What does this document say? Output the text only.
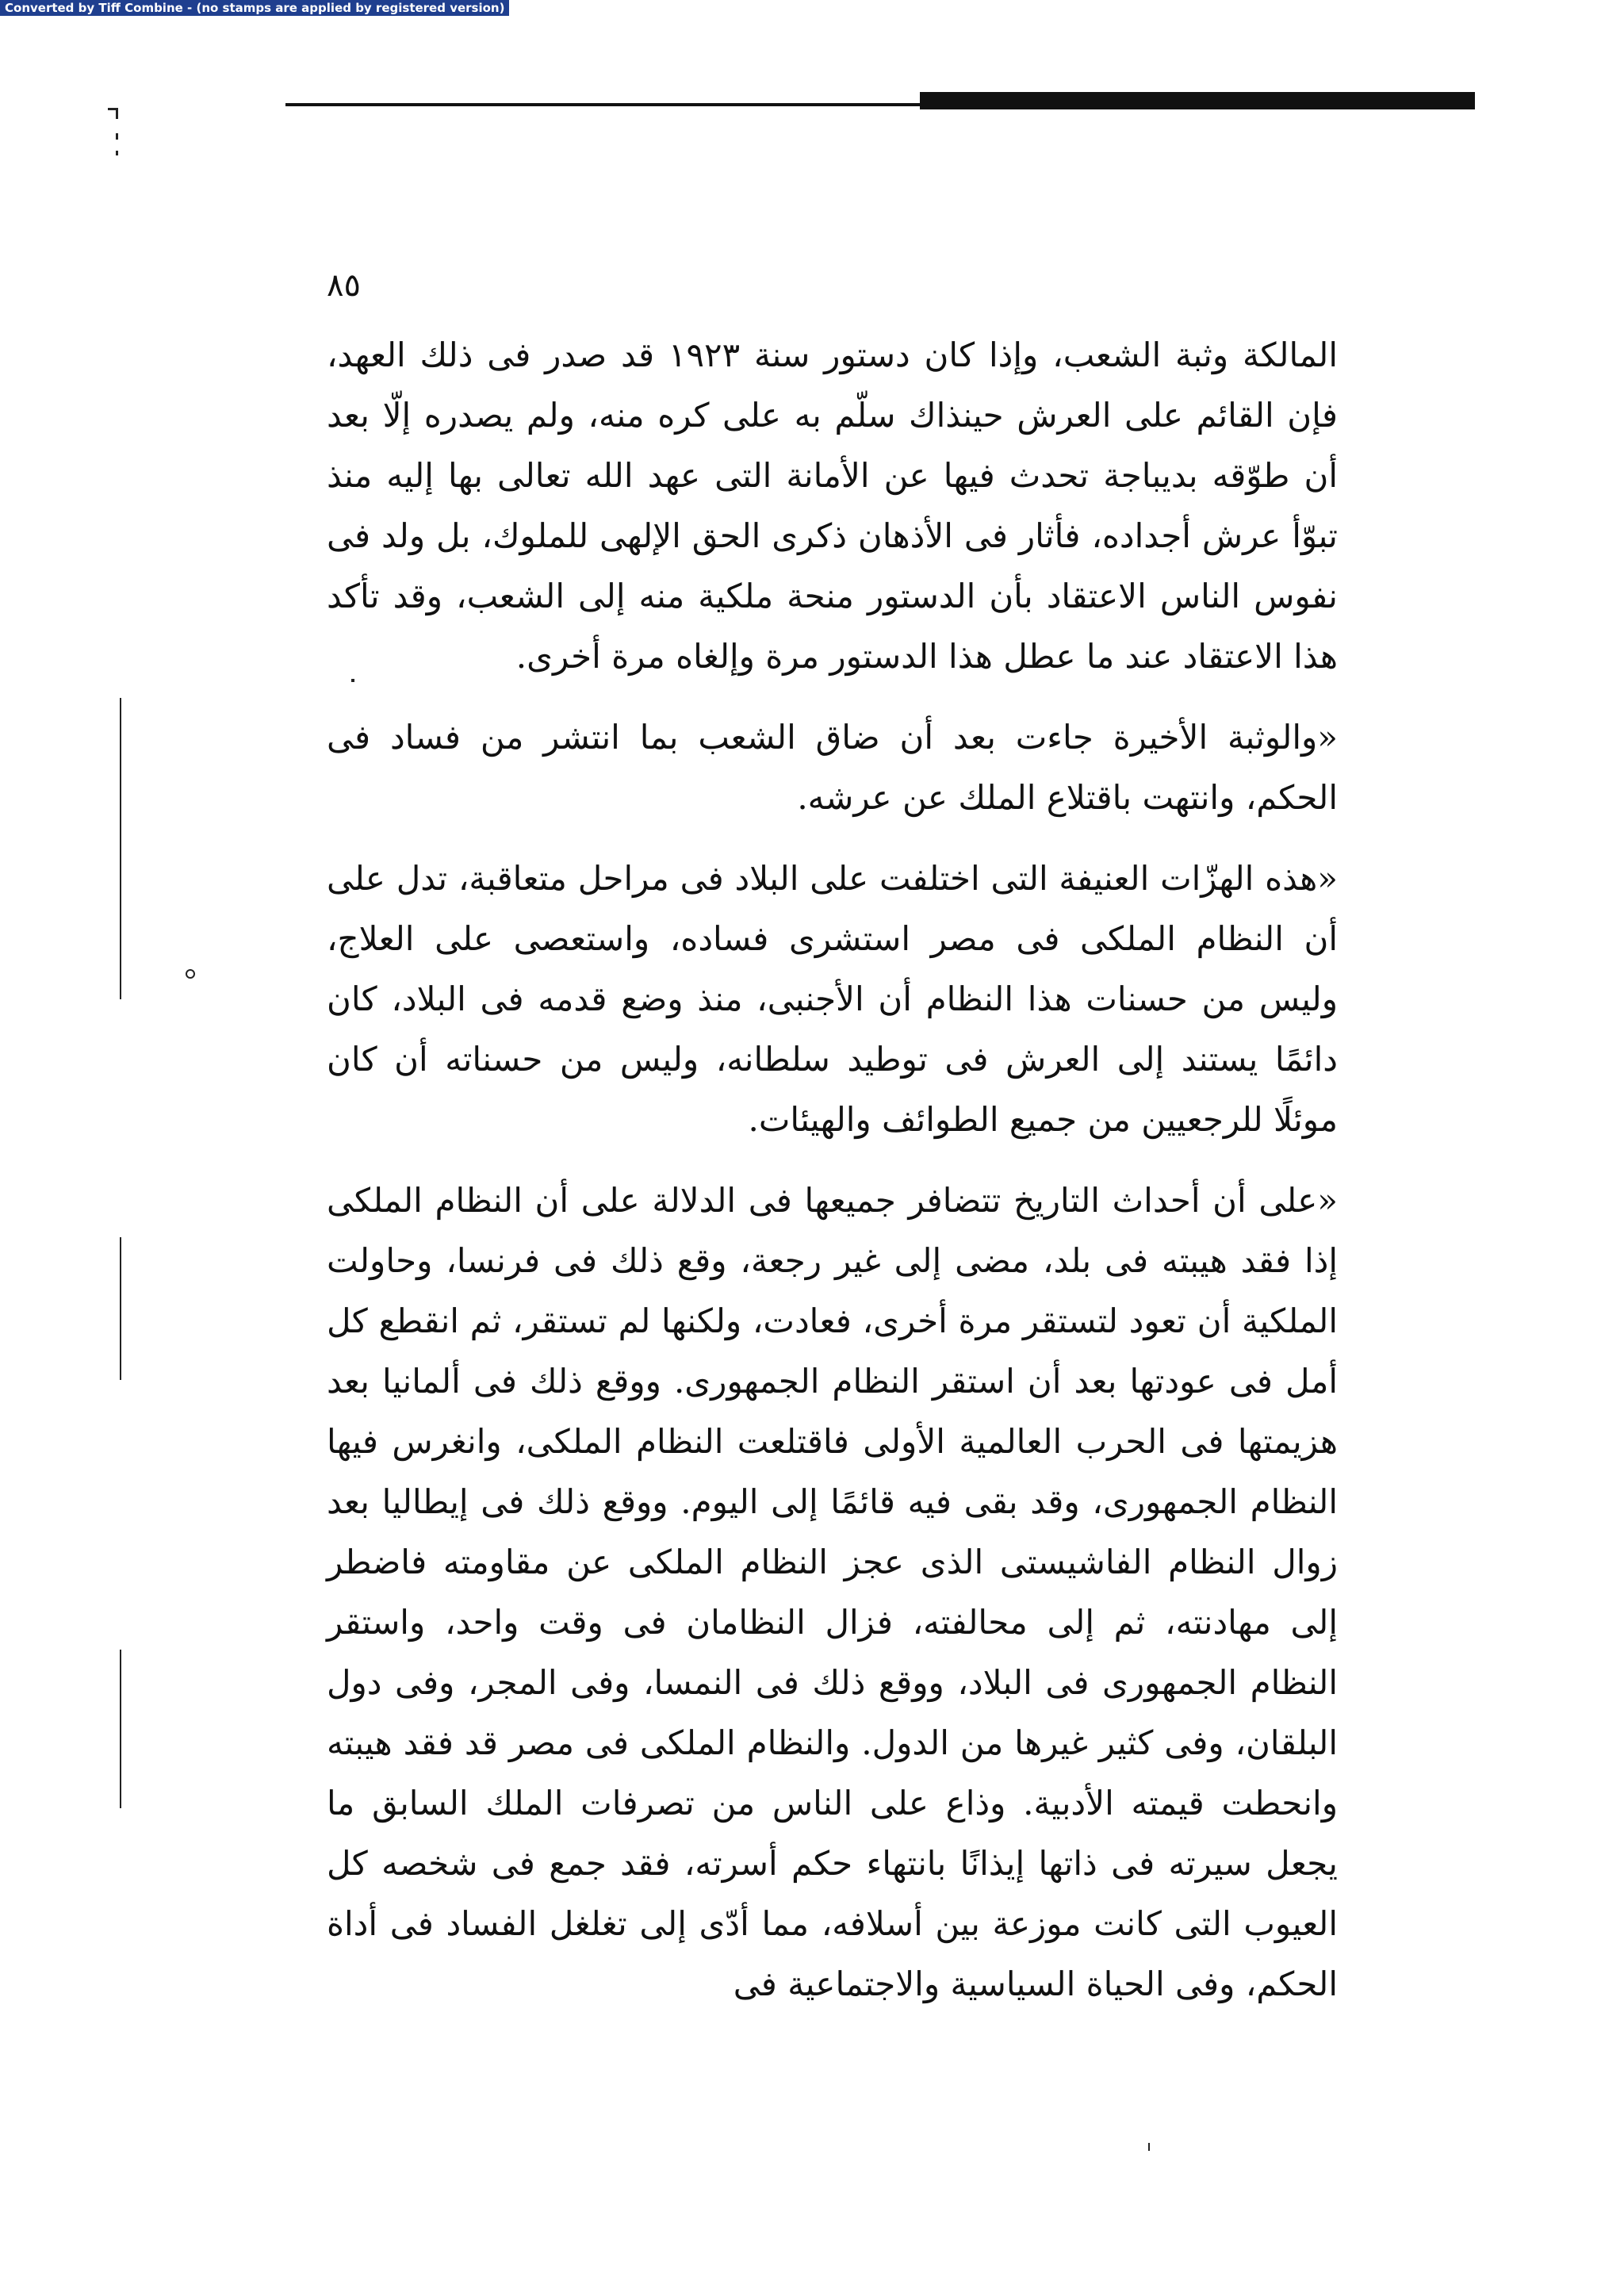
Converted by Tiff Combine - (no stamps are applied by registered version)
٨٥

المالكة وثبة الشعب، وإذا كان دستور سنة ١٩٢٣ قد صدر فى ذلك العهد، فإن القائم على العرش حينذاك سلّم به على كره منه، ولم يصدره إلّا بعد أن طوّقه بديباجة تحدث فيها عن الأمانة التى عهد الله تعالى بها إليه منذ تبوّأ عرش أجداده، فأثار فى الأذهان ذكرى الحق الإلهى للملوك، بل ولد فى نفوس الناس الاعتقاد بأن الدستور منحة ملكية منه إلى الشعب، وقد تأكد هذا الاعتقاد عند ما عطل هذا الدستور مرة وإلغاه مرة أخرى.

«والوثبة الأخيرة جاءت بعد أن ضاق الشعب بما انتشر من فساد فى الحكم، وانتهت باقتلاع الملك عن عرشه.

«هذه الهزّات العنيفة التى اختلفت على البلاد فى مراحل متعاقبة، تدل على أن النظام الملكى فى مصر استشرى فساده، واستعصى على العلاج، وليس من حسنات هذا النظام أن الأجنبى، منذ وضع قدمه فى البلاد، كان دائمًا يستند إلى العرش فى توطيد سلطانه، وليس من حسناته أن كان موئلًا للرجعيين من جميع الطوائف والهيئات.

«على أن أحداث التاريخ تتضافر جميعها فى الدلالة على أن النظام الملكى إذا فقد هيبته فى بلد، مضى إلى غير رجعة، وقع ذلك فى فرنسا، وحاولت الملكية أن تعود لتستقر مرة أخرى، فعادت، ولكنها لم تستقر، ثم انقطع كل أمل فى عودتها بعد أن استقر النظام الجمهورى. ووقع ذلك فى ألمانيا بعد هزيمتها فى الحرب العالمية الأولى فاقتلعت النظام الملكى، وانغرس فيها النظام الجمهورى، وقد بقى فيه قائمًا إلى اليوم. ووقع ذلك فى إيطاليا بعد زوال النظام الفاشيستى الذى عجز النظام الملكى عن مقاومته فاضطر إلى مهادنته، ثم إلى محالفته، فزال النظامان فى وقت واحد، واستقر النظام الجمهورى فى البلاد، ووقع ذلك فى النمسا، وفى المجر، وفى دول البلقان، وفى كثير غيرها من الدول. والنظام الملكى فى مصر قد فقد هيبته وانحطت قيمته الأدبية. وذاع على الناس من تصرفات الملك السابق ما يجعل سيرته فى ذاتها إيذانًا بانتهاء حكم أسرته، فقد جمع فى شخصه كل العيوب التى كانت موزعة بين أسلافه، مما أدّى إلى تغلغل الفساد فى أداة الحكم، وفى الحياة السياسية والاجتماعية فى
